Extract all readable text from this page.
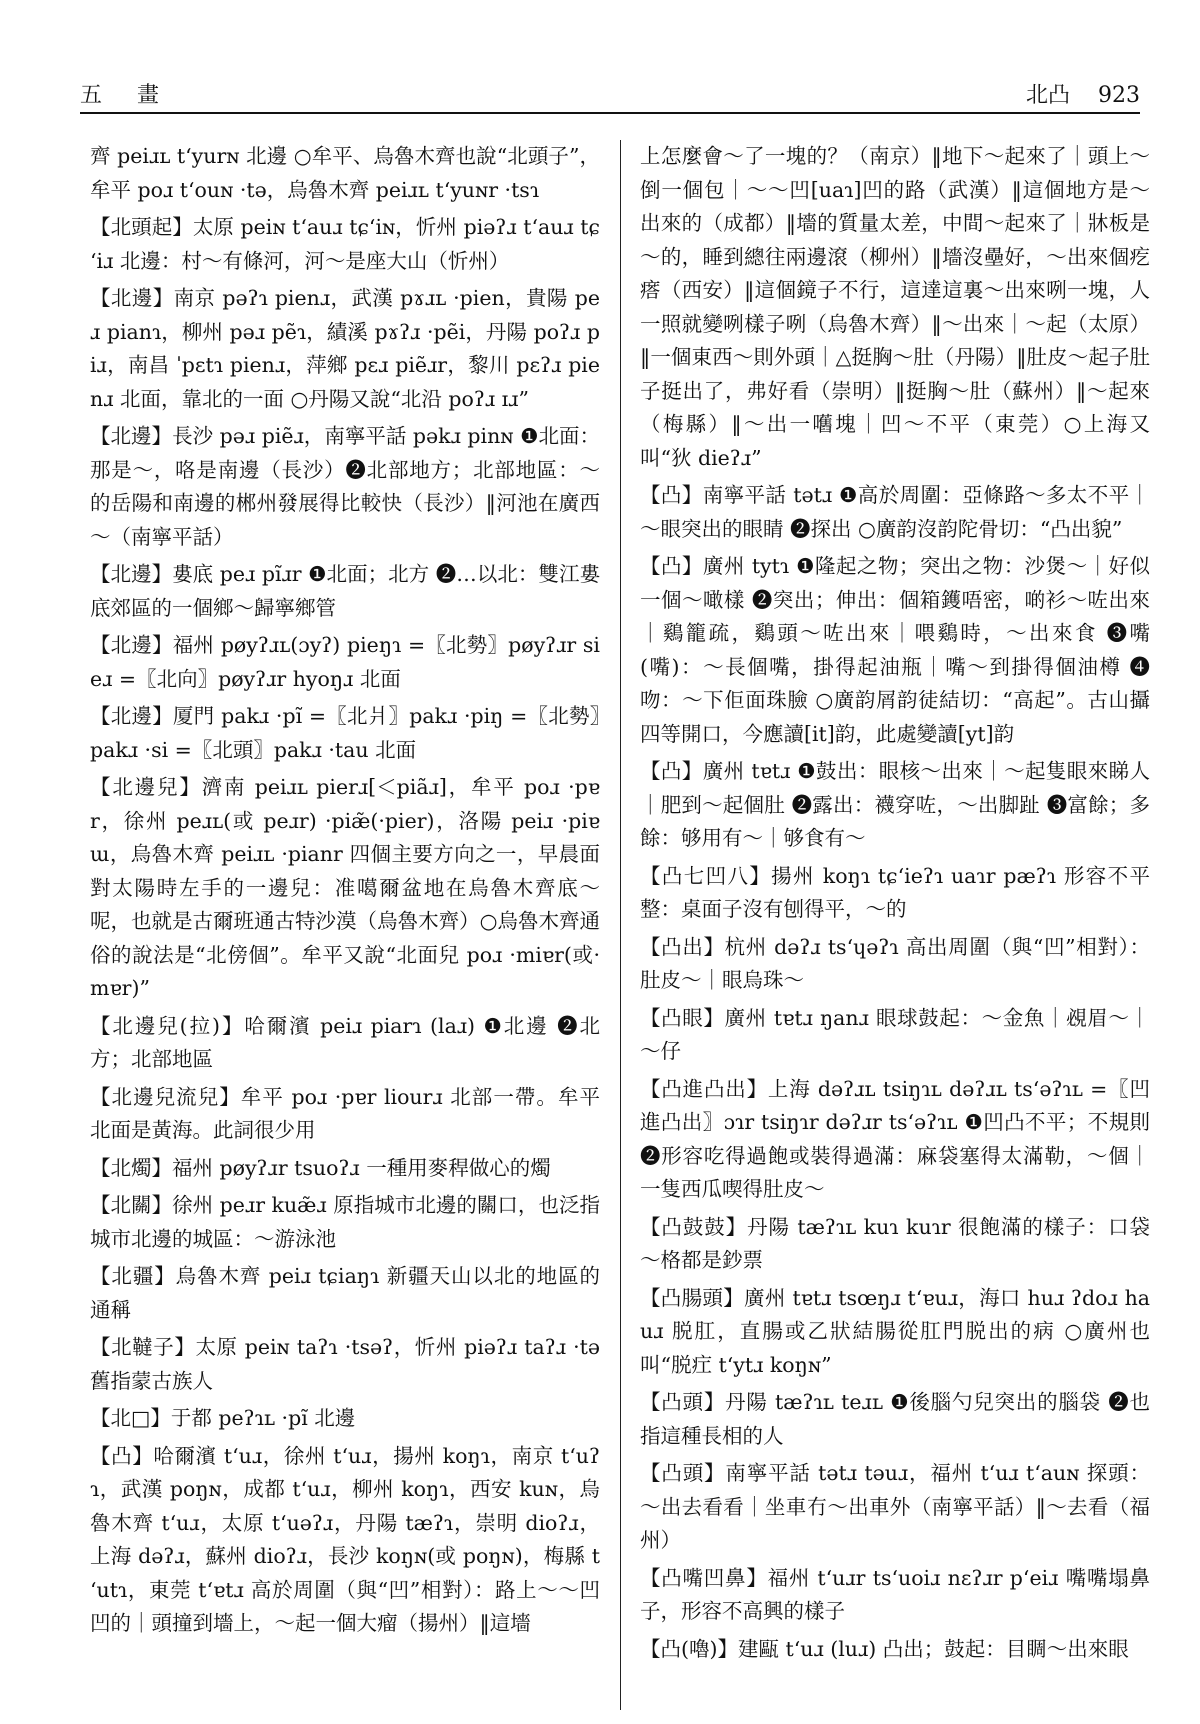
五 畫	北凸 923
齊 peiɹʟ tʻyurɴ 北邊 ○牟平、烏魯木齊也說“北頭子”，牟平 poɹ tʻouɴ ·tə，烏魯木齊 peiɹʟ tʻyuɴr ·tsɿ
【北頭起】太原 peiɴ tʻauɹ tɕʻiɴ，忻州 piəʔɹ tʻauɹ tɕʻiɹ 北邊：村～有條河，河～是座大山（忻州）
【北邊】南京 pəʔɿ pienɹ，武漢 pɤɹʟ ·pien，貴陽 peɹ pianɿ，柳州 pəɹ pẽɿ，績溪 pɤʔɹ ·pẽi，丹陽 poʔɹ piɹ，南昌 ˈpɛtɿ pienɹ，萍鄉 pɛɹ piẽɹr，黎川 pɛʔɹ pienɹ 北面，靠北的一面 ○丹陽又說“北沿 poʔɹ ɪɹ”
【北邊】長沙 pəɹ piẽɹ，南寧平話 pəkɹ pinɴ ❶北面：那是～，咯是南邊（長沙）❷北部地方；北部地區：～的岳陽和南邊的郴州發展得比較快（長沙）‖河池在廣西～（南寧平話）
【北邊】婁底 peɹ pĩɹr ❶北面；北方 ❷…以北：雙江婁底郊區的一個鄉～歸寧鄉管
【北邊】福州 pøyʔɹʟ(ɔyʔ) pieŋɿ =〖北勢〗pøyʔɹr sieɹ =〖北向〗pøyʔɹr hyoŋɹ 北面
【北邊】厦門 pakɹ ·pĩ =〖北爿〗pakɹ ·piŋ =〖北勢〗pakɹ ·si =〖北頭〗pakɹ ·tau 北面
【北邊兒】濟南 peiɹʟ pierɹ[＜piãɹ]，牟平 poɹ ·pɐr，徐州 peɹʟ(或 peɹr) ·piæ̃(·pier)，洛陽 peiɹ ·piɐɯ，烏魯木齊 peiɹʟ ·pianr 四個主要方向之一，早晨面對太陽時左手的一邊兒：准噶爾盆地在烏魯木齊底～呢，也就是古爾班通古特沙漠（烏魯木齊）○烏魯木齊通俗的說法是“北傍個”。牟平又說“北面兒 poɹ ·miɐr(或·mɐr)”
【北邊兒(拉)】哈爾濱 peiɹ piarɿ (laɹ) ❶北邊 ❷北方；北部地區
【北邊兒流兒】牟平 poɹ ·pɐr liourɹ 北部一帶。牟平北面是黃海。此詞很少用
【北燭】福州 pøyʔɹr tsuoʔɹ 一種用麥稈做心的燭
【北關】徐州 peɹr kuæ̃ɹ 原指城市北邊的關口，也泛指城市北邊的城區：～游泳池
【北疆】烏魯木齊 peiɹ tɕiaŋɿ 新疆天山以北的地區的通稱
【北韃子】太原 peiɴ taʔɿ ·tsəʔ，忻州 piəʔɹ taʔɹ ·tə 舊指蒙古族人
【北□】于都 peʔɿʟ ·pĩ 北邊
【凸】哈爾濱 tʻuɹ，徐州 tʻuɹ，揚州 koŋɿ，南京 tʻuʔɿ，武漢 poŋɴ，成都 tʻuɹ，柳州 koŋɿ，西安 kuɴ，烏魯木齊 tʻuɹ，太原 tʻuəʔɹ，丹陽 tæʔɿ，崇明 dioʔɹ，上海 dəʔɹ，蘇州 dioʔɹ，長沙 koŋɴ(或 poŋɴ)，梅縣 tʻutɿ，東莞 tʻɐtɹ 高於周圍（與“凹”相對）：路上～～凹凹的｜頭撞到墻上，～起一個大瘤（揚州）‖這墻
上怎麼會～了一塊的？（南京）‖地下～起來了｜頭上～倒一個包｜～～凹[uaɿ]凹的路（武漢）‖這個地方是～出來的（成都）‖墻的質量太差，中間～起來了｜牀板是～的，睡到總往兩邊滾（柳州）‖墻沒壘好，～出來個疙瘩（西安）‖這個鏡子不行，這達這裏～出來咧一塊，人一照就變咧樣子咧（烏魯木齊）‖～出來｜～起（太原）‖一個東西～則外頭｜△挺胸～肚（丹陽）‖肚皮～起子肚子挺出了，弗好看（崇明）‖挺胸～肚（蘇州）‖～起來（梅縣）‖～出一嚿塊｜凹～不平（東莞）○上海又叫“狄 dieʔɹ”
【凸】南寧平話 tətɹ ❶高於周圍：亞條路～多太不平｜～眼突出的眼睛 ❷探出 ○廣韵沒韵陀骨切：“凸出貌”
【凸】廣州 tytɿ ❶隆起之物；突出之物：沙煲～｜好似一個～噉樣 ❷突出；伸出：個箱鑊唔密，啲衫～咗出來｜鷄籠疏，鷄頭～咗出來｜喂鷄時，～出來食 ❸嘴(嘴)：～長個嘴，掛得起油瓶｜嘴～到掛得個油樽 ❹吻：～下佢面珠臉 ○廣韵屑韵徒結切：“高起”。古山攝四等開口，今應讀[it]韵，此處變讀[yt]韵
【凸】廣州 tɐtɹ ❶鼓出：眼核～出來｜～起隻眼來睇人｜肥到～起個肚 ❷露出：襪穿咗，～出脚趾 ❸富餘；多餘：够用有～｜够食有～
【凸七凹八】揚州 koŋɿ tɕʻieʔɿ uaɿr pæʔɿ 形容不平整：桌面子沒有刨得平，～的
【凸出】杭州 dəʔɹ tsʻɥəʔɿ 高出周圍（與“凹”相對）：肚皮～｜眼烏珠～
【凸眼】廣州 tɐtɹ ŋanɹ 眼球鼓起：～金魚｜覕眉～｜～仔
【凸進凸出】上海 dəʔɹʟ tsiŋɿʟ dəʔɹʟ tsʻəʔɿʟ =〖凹進凸出〗ɔɿr tsiŋɿr dəʔɹr tsʻəʔɿʟ ❶凹凸不平；不規則 ❷形容吃得過飽或裝得過滿：麻袋塞得太滿勒，～個｜一隻西瓜喫得肚皮～
【凸鼓鼓】丹陽 tæʔɿʟ kuɿ kuɿr 很飽滿的樣子：口袋～格都是鈔票
【凸腸頭】廣州 tɐtɹ tsœŋɹ tʻɐuɹ，海口 huɹ ʔdoɹ hauɹ 脱肛，直腸或乙狀結腸從肛門脱出的病 ○廣州也叫“脱疘 tʻytɹ koŋɴ”
【凸頭】丹陽 tæʔɿʟ teɹʟ ❶後腦勺兒突出的腦袋 ❷也指這種長相的人
【凸頭】南寧平話 tətɹ təuɹ，福州 tʻuɹ tʻauɴ 探頭：～出去看看｜坐車冇～出車外（南寧平話）‖～去看（福州）
【凸嘴凹鼻】福州 tʻuɹr tsʻuoiɹ nɛʔɹr pʻeiɹ 嘴嘴塌鼻子，形容不高興的樣子
【凸(嚕)】建甌 tʻuɹ (luɹ) 凸出；鼓起：目睭～出來眼
